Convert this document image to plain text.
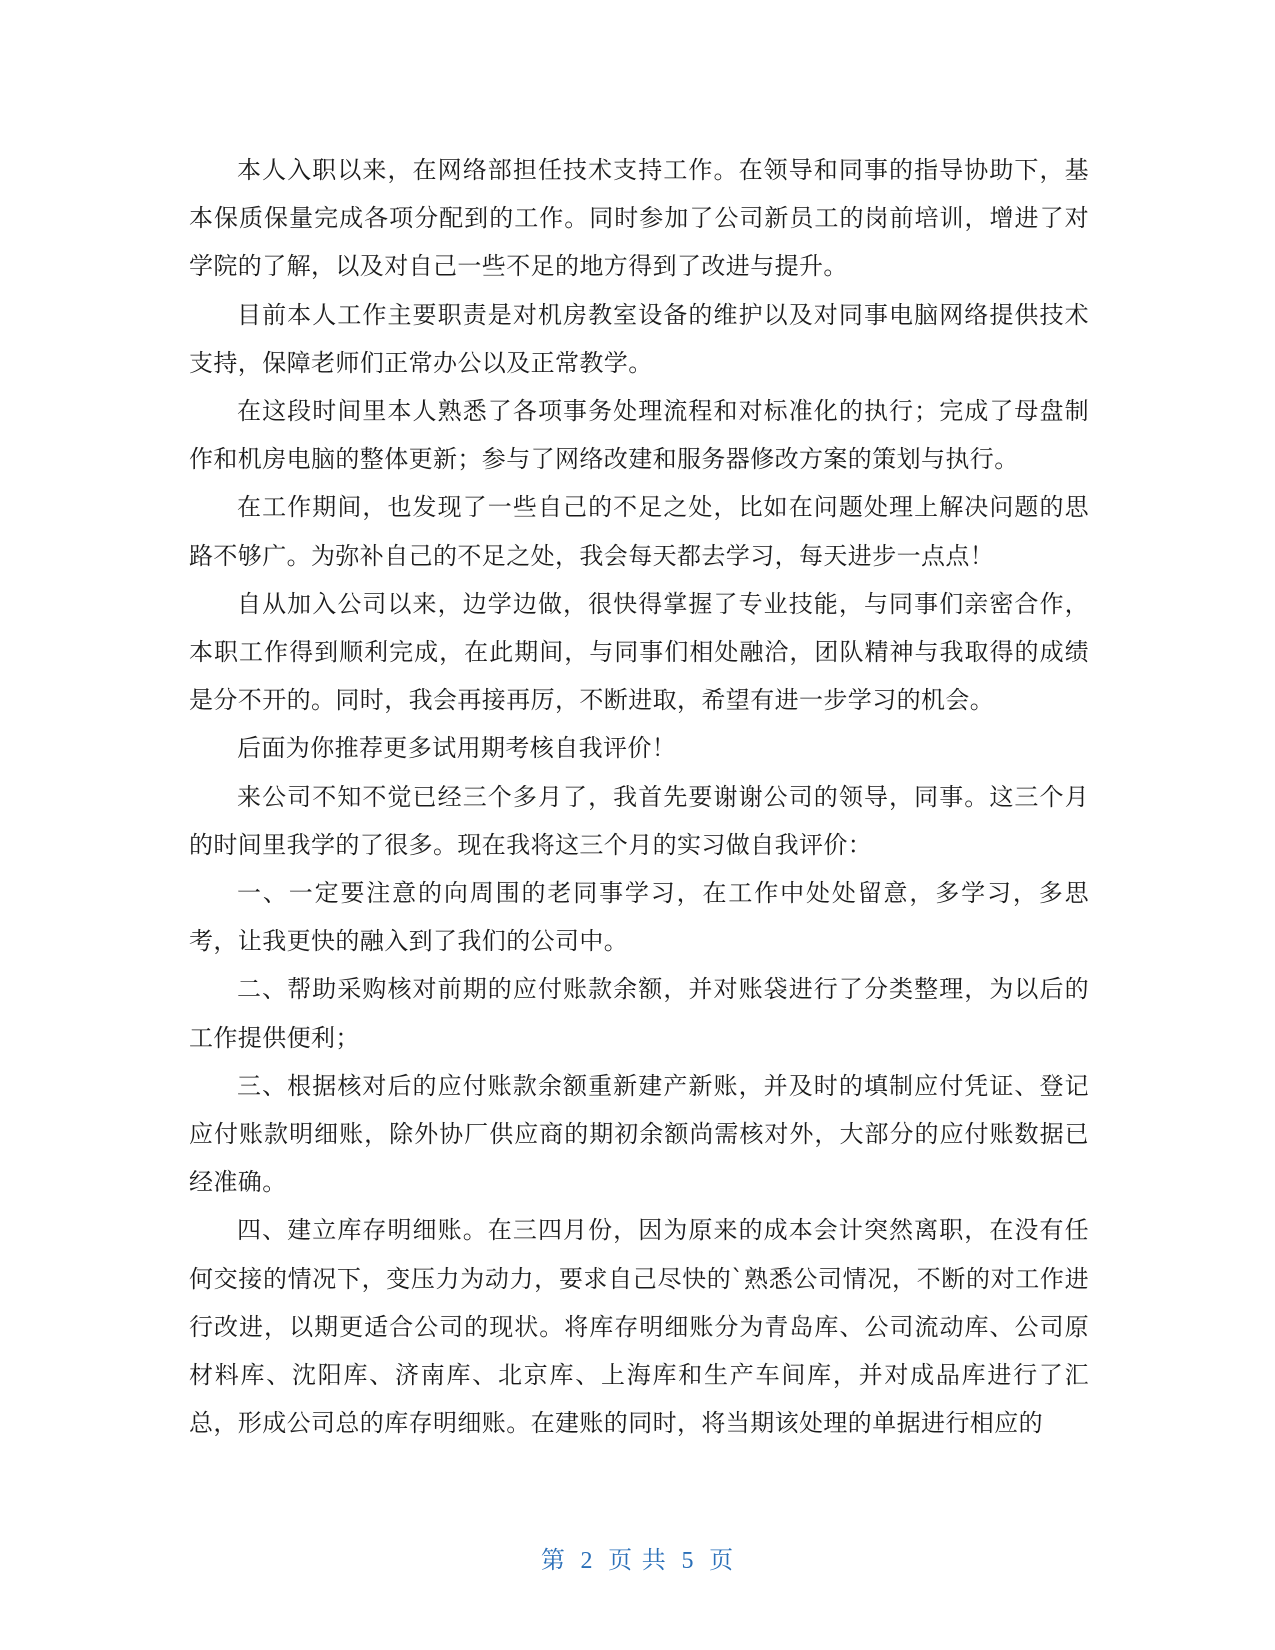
本人入职以来，在网络部担任技术支持工作。在领导和同事的指导协助下，基本保质保量完成各项分配到的工作。同时参加了公司新员工的岗前培训，增进了对学院的了解，以及对自己一些不足的地方得到了改进与提升。

目前本人工作主要职责是对机房教室设备的维护以及对同事电脑网络提供技术支持，保障老师们正常办公以及正常教学。

在这段时间里本人熟悉了各项事务处理流程和对标准化的执行；完成了母盘制作和机房电脑的整体更新；参与了网络改建和服务器修改方案的策划与执行。

在工作期间，也发现了一些自己的不足之处，比如在问题处理上解决问题的思路不够广。为弥补自己的不足之处，我会每天都去学习，每天进步一点点！

自从加入公司以来，边学边做，很快得掌握了专业技能，与同事们亲密合作，本职工作得到顺利完成，在此期间，与同事们相处融洽，团队精神与我取得的成绩是分不开的。同时，我会再接再厉，不断进取，希望有进一步学习的机会。

后面为你推荐更多试用期考核自我评价！

来公司不知不觉已经三个多月了，我首先要谢谢公司的领导，同事。这三个月的时间里我学的了很多。现在我将这三个月的实习做自我评价：

一、一定要注意的向周围的老同事学习，在工作中处处留意，多学习，多思考，让我更快的融入到了我们的公司中。

二、帮助采购核对前期的应付账款余额，并对账袋进行了分类整理，为以后的工作提供便利；

三、根据核对后的应付账款余额重新建产新账，并及时的填制应付凭证、登记应付账款明细账，除外协厂供应商的期初余额尚需核对外，大部分的应付账数据已经准确。

四、建立库存明细账。在三四月份，因为原来的成本会计突然离职，在没有任何交接的情况下，变压力为动力，要求自己尽快的`熟悉公司情况，不断的对工作进行改进，以期更适合公司的现状。将库存明细账分为青岛库、公司流动库、公司原材料库、沈阳库、济南库、北京库、上海库和生产车间库，并对成品库进行了汇总，形成公司总的库存明细账。在建账的同时，将当期该处理的单据进行相应的

第 2 页 共 5 页
